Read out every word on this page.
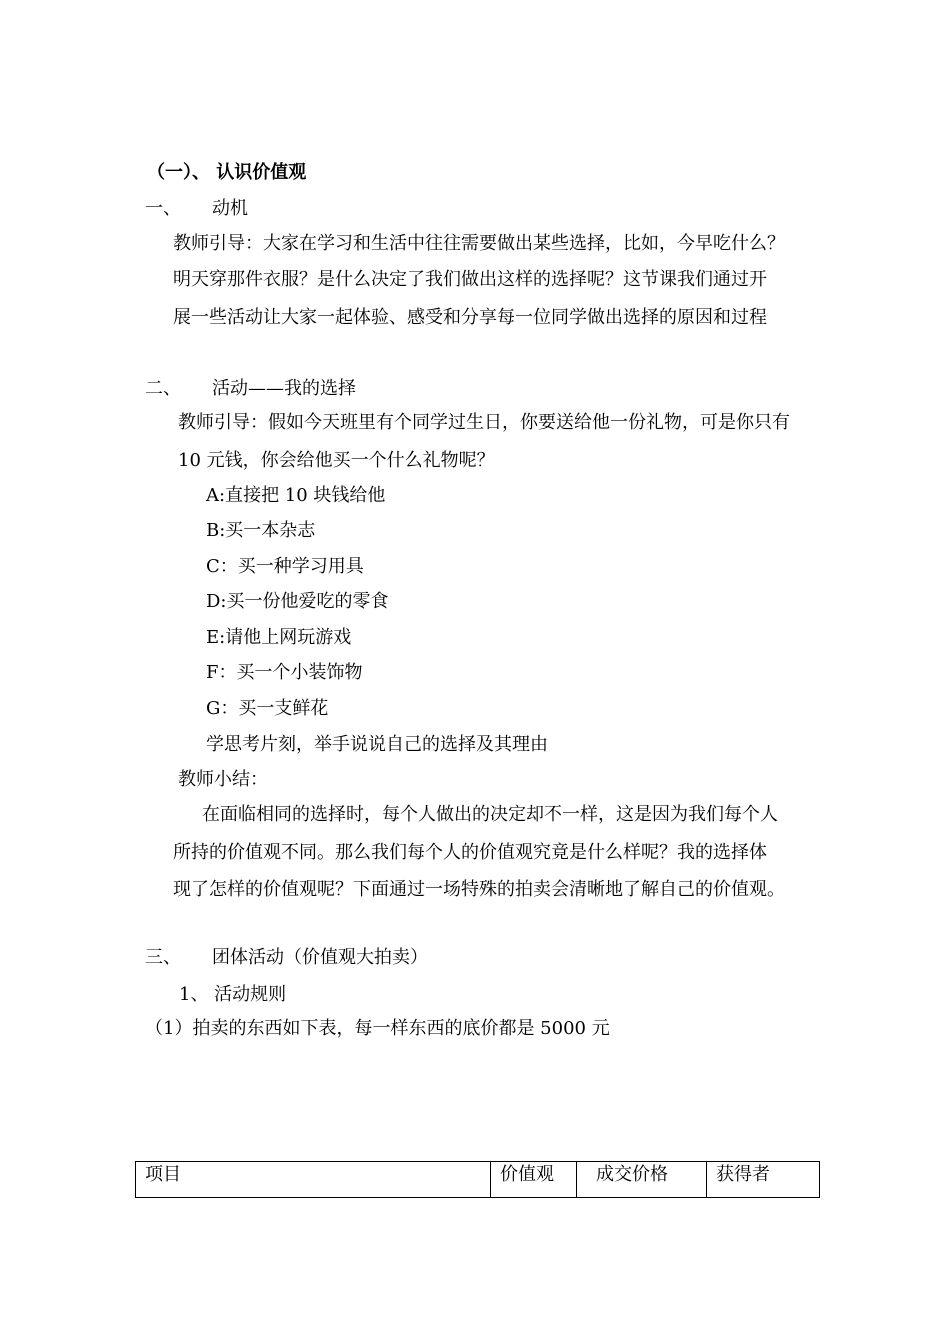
（一）、 认识价值观
一、 动机
教师引导：大家在学习和生活中往往需要做出某些选择，比如，今早吃什么？
明天穿那件衣服？是什么决定了我们做出这样的选择呢？这节课我们通过开
展一些活动让大家一起体验、感受和分享每一位同学做出选择的原因和过程
二、 活动——我的选择
教师引导：假如今天班里有个同学过生日，你要送给他一份礼物，可是你只有
10 元钱，你会给他买一个什么礼物呢？
A:直接把 10 块钱给他
B:买一本杂志
C：买一种学习用具
D:买一份他爱吃的零食
E:请他上网玩游戏
F：买一个小装饰物
G：买一支鲜花
学思考片刻，举手说说自己的选择及其理由
教师小结：
在面临相同的选择时，每个人做出的决定却不一样，这是因为我们每个人
所持的价值观不同。那么我们每个人的价值观究竟是什么样呢？我的选择体
现了怎样的价值观呢？下面通过一场特殊的拍卖会清晰地了解自己的价值观。
三、 团体活动（价值观大拍卖）
1、 活动规则
（1）拍卖的东西如下表，每一样东西的底价都是 5000 元
项目	价值观	成交价格	获得者
